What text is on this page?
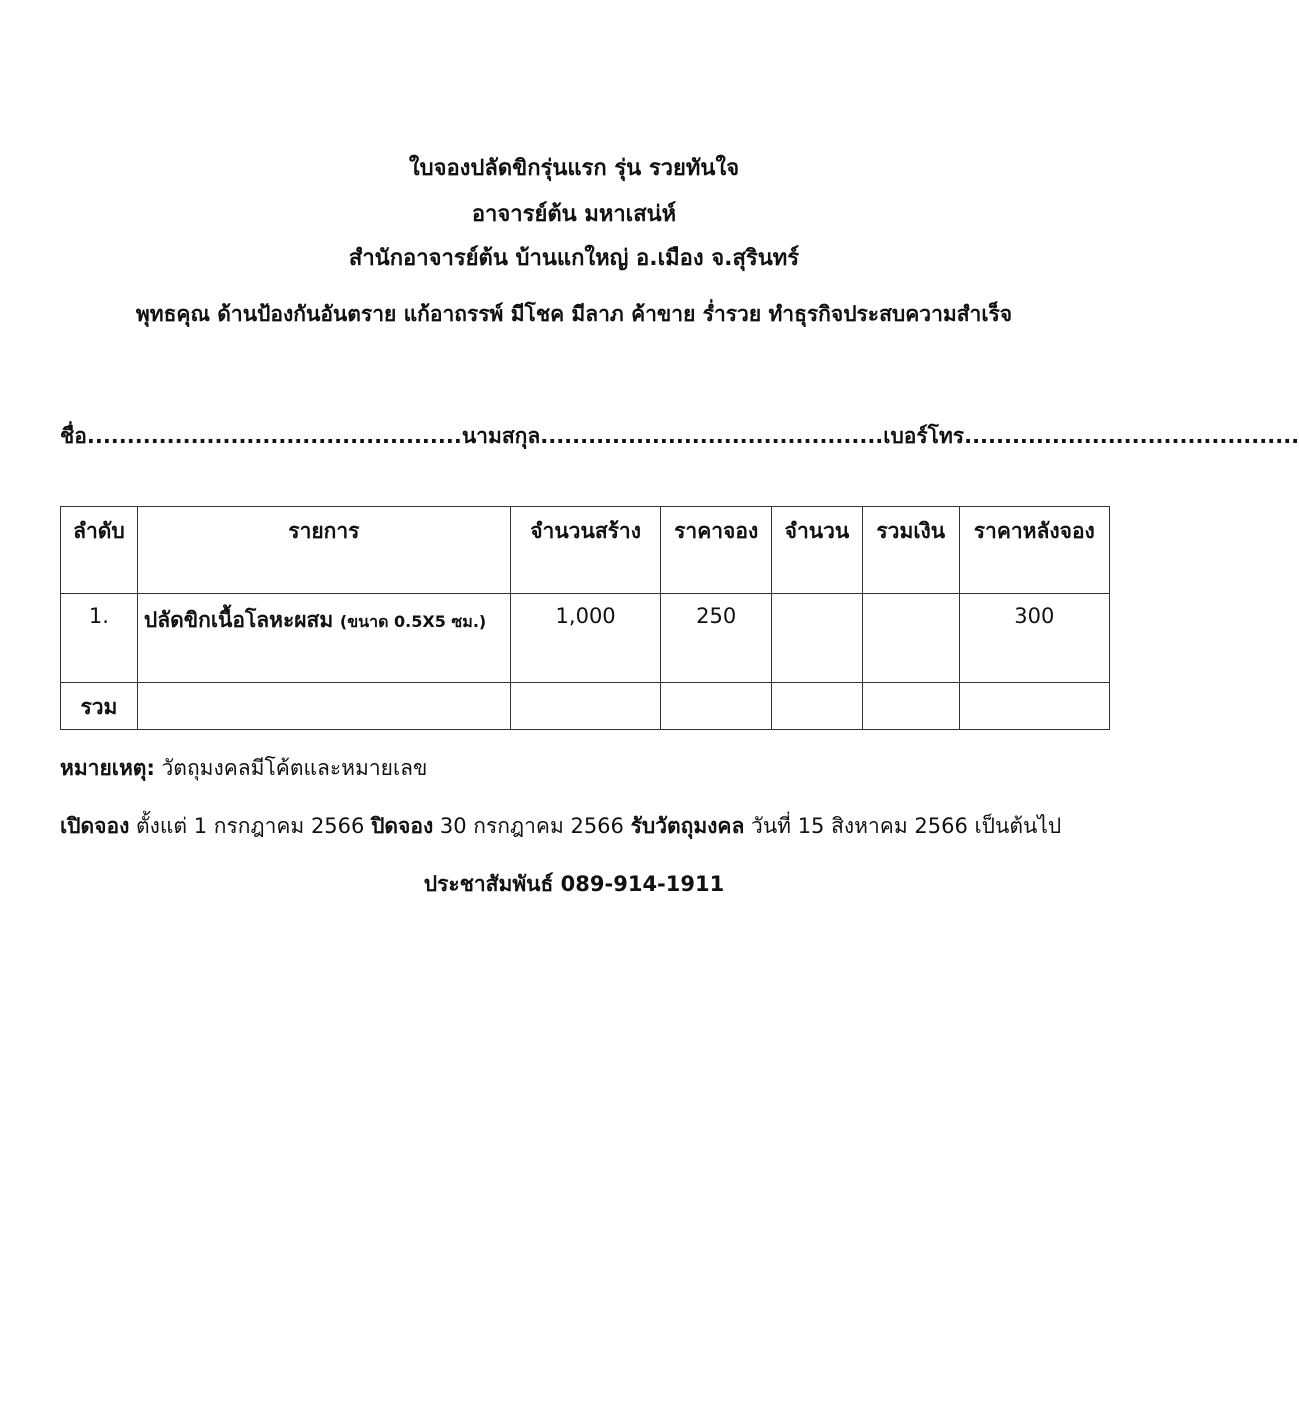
ใบจองปลัดขิกรุ่นแรก รุ่น รวยทันใจ
อาจารย์ต้น มหาเสน่ห์
สำนักอาจารย์ต้น บ้านแกใหญ่ อ.เมือง จ.สุรินทร์
พุทธคุณ ด้านป้องกันอันตราย แก้อาถรรพ์ มีโชค มีลาภ ค้าขาย ร่ำรวย ทำธุรกิจประสบความสำเร็จ
ชื่อ...............................................นามสกุล...........................................เบอร์โทร..........................................
ลำดับ	รายการ	จำนวนสร้าง	ราคาจอง	จำนวน	รวมเงิน	ราคาหลังจอง
1.	ปลัดขิกเนื้อโลหะผสม (ขนาด 0.5X5 ซม.)	1,000	250			300
รวม						
หมายเหตุ: วัตถุมงคลมีโค้ตและหมายเลข
เปิดจอง ตั้งแต่ 1 กรกฎาคม 2566 ปิดจอง 30 กรกฎาคม 2566 รับวัตถุมงคล วันที่ 15 สิงหาคม 2566 เป็นต้นไป
ประชาสัมพันธ์ 089-914-1911
